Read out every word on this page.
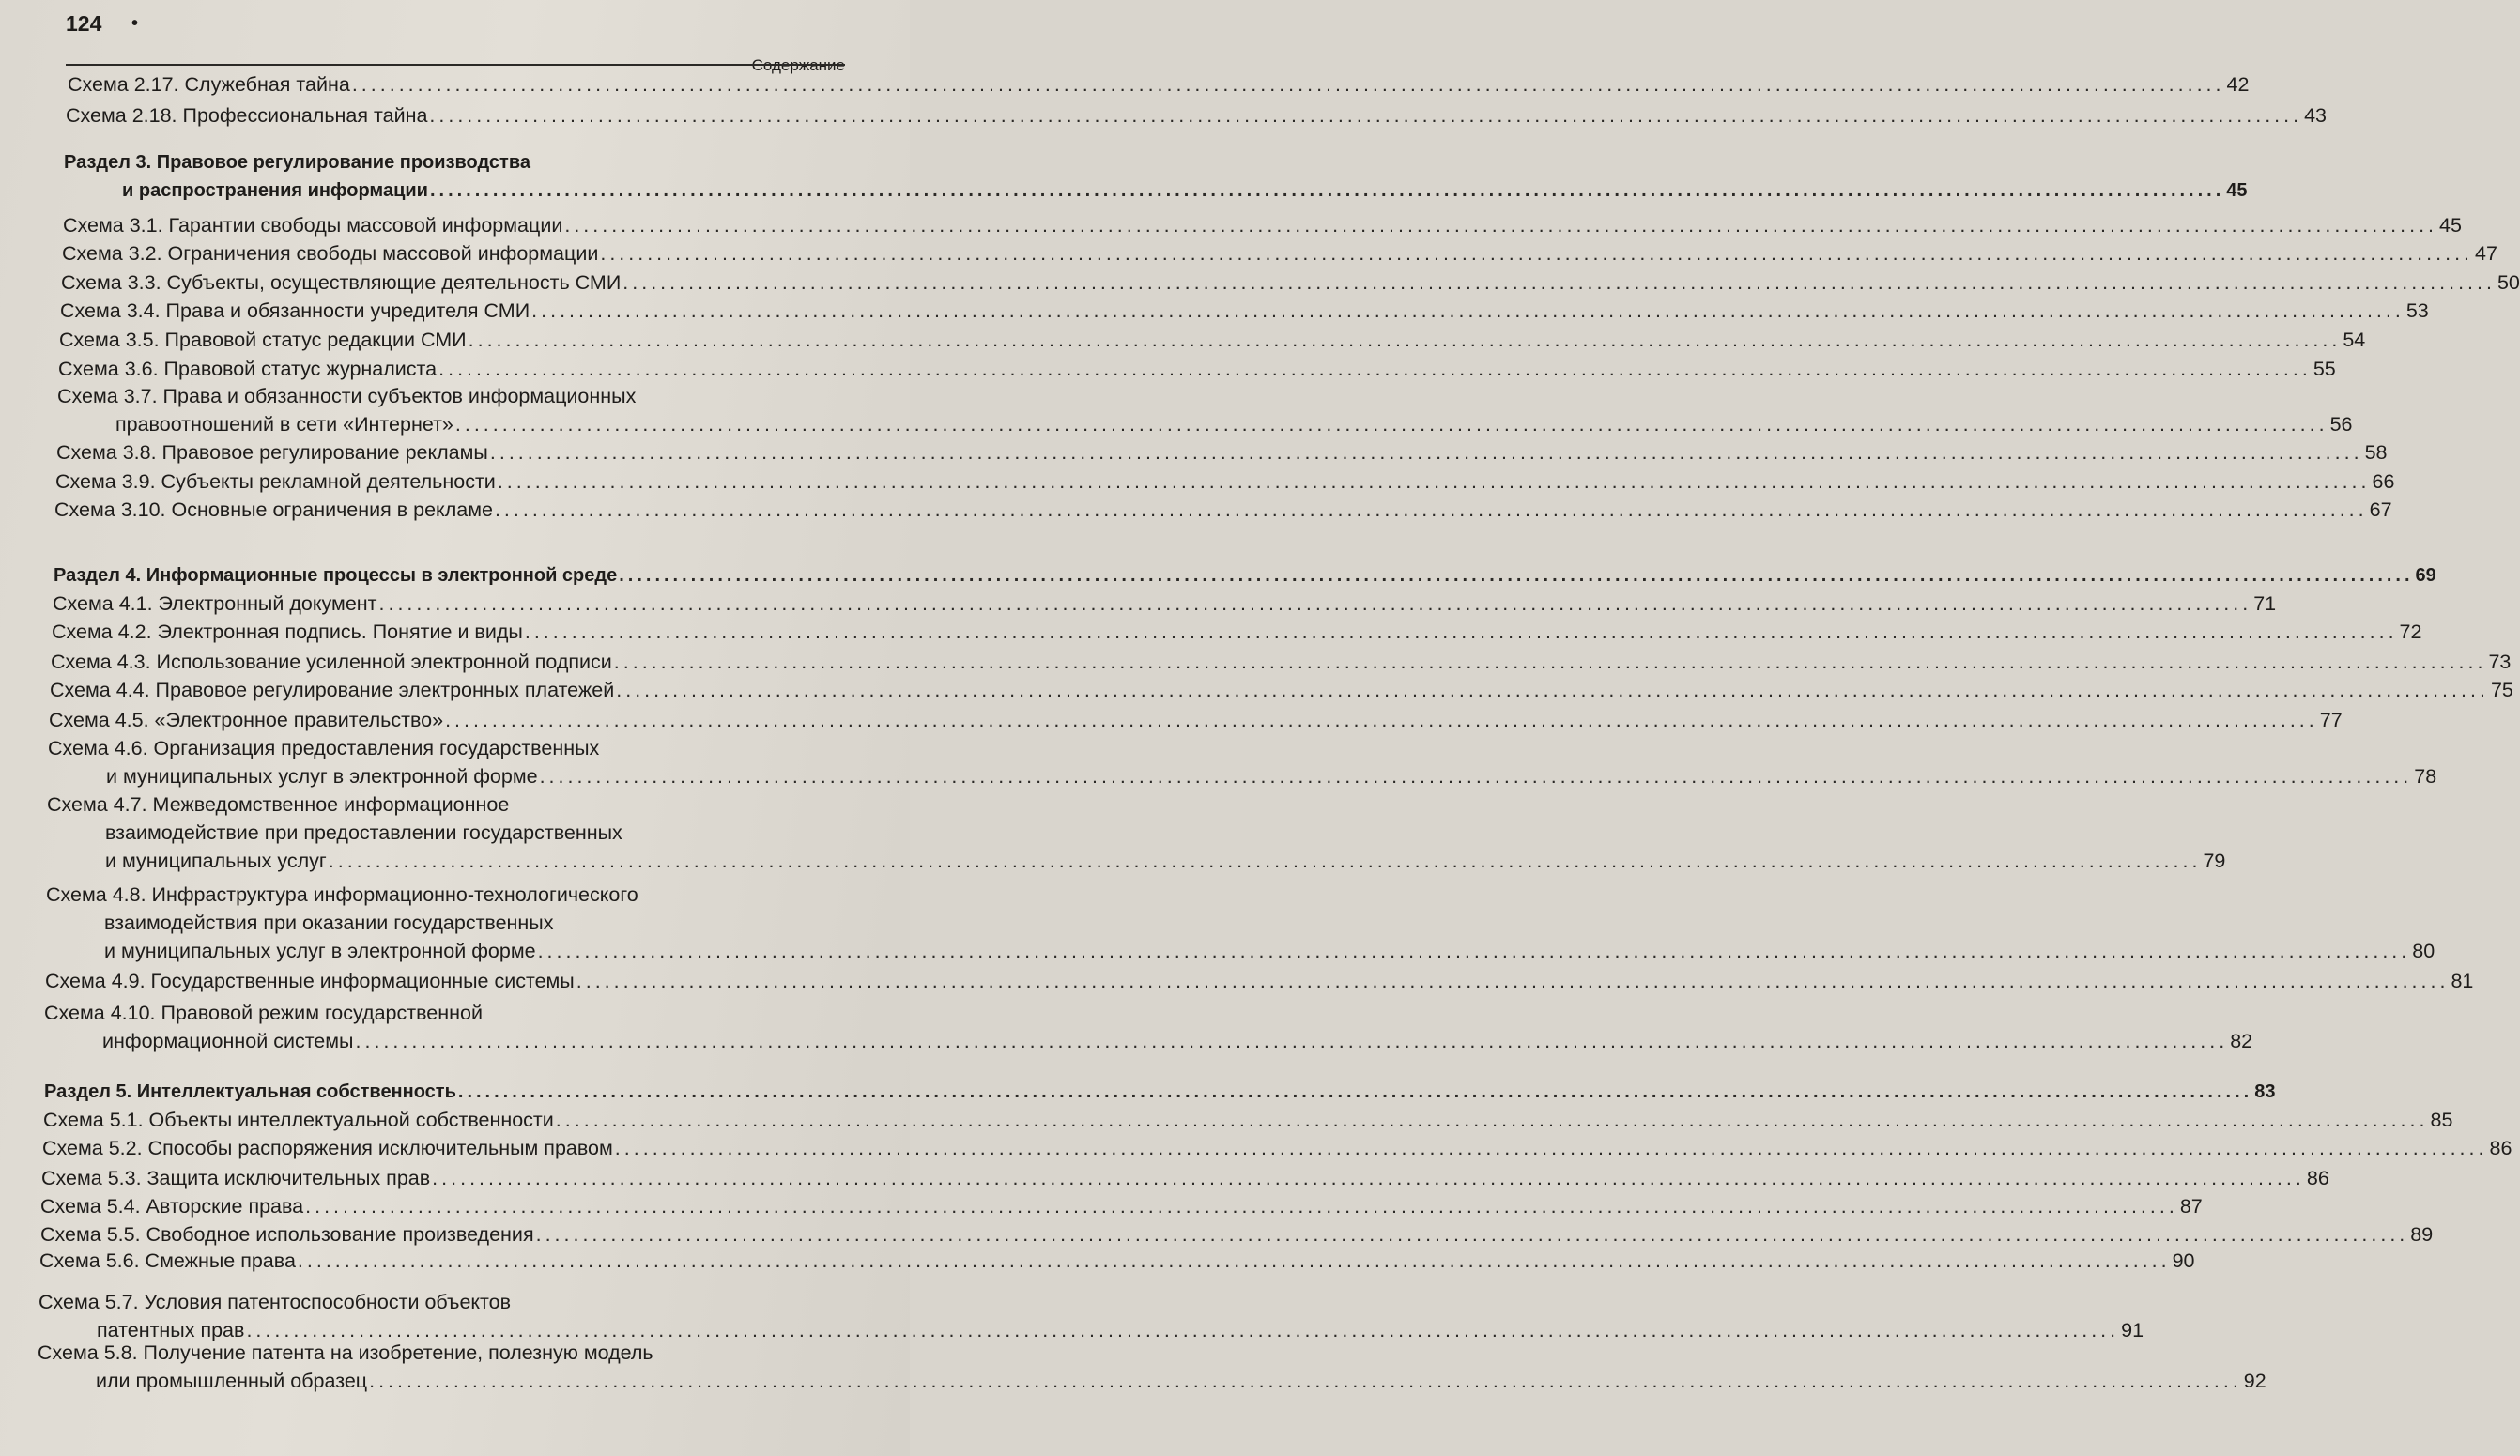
124 •
Содержание
Схема 2.17. Служебная тайна ........................................................................................................................................................................................................ 42
Схема 2.18. Профессиональная тайна ........................................................................................................................................................................................................ 43
Раздел 3. Правовое регулирование производства
и распространения информации ........................................................................................................................................................................................................ 45
Схема 3.1. Гарантии свободы массовой информации ........................................................................................................................................................................................................ 45
Схема 3.2. Ограничения свободы массовой информации ........................................................................................................................................................................................................ 47
Схема 3.3. Субъекты, осуществляющие деятельность СМИ ........................................................................................................................................................................................................ 50
Схема 3.4. Права и обязанности учредителя СМИ ........................................................................................................................................................................................................ 53
Схема 3.5. Правовой статус редакции СМИ ........................................................................................................................................................................................................ 54
Схема 3.6. Правовой статус журналиста ........................................................................................................................................................................................................ 55
Схема 3.7. Права и обязанности субъектов информационных
правоотношений в сети «Интернет» ........................................................................................................................................................................................................ 56
Схема 3.8. Правовое регулирование рекламы ........................................................................................................................................................................................................ 58
Схема 3.9. Субъекты рекламной деятельности ........................................................................................................................................................................................................ 66
Схема 3.10. Основные ограничения в рекламе ........................................................................................................................................................................................................ 67
Раздел 4. Информационные процессы в электронной среде ........................................................................................................................................................................................................ 69
Схема 4.1. Электронный документ ........................................................................................................................................................................................................ 71
Схема 4.2. Электронная подпись. Понятие и виды ........................................................................................................................................................................................................ 72
Схема 4.3. Использование усиленной электронной подписи ........................................................................................................................................................................................................ 73
Схема 4.4. Правовое регулирование электронных платежей ........................................................................................................................................................................................................ 75
Схема 4.5. «Электронное правительство» ........................................................................................................................................................................................................ 77
Схема 4.6. Организация предоставления государственных
и муниципальных услуг в электронной форме ........................................................................................................................................................................................................ 78
Схема 4.7. Межведомственное информационное
взаимодействие при предоставлении государственных
и муниципальных услуг ........................................................................................................................................................................................................ 79
Схема 4.8. Инфраструктура информационно-технологического
взаимодействия при оказании государственных
и муниципальных услуг в электронной форме ........................................................................................................................................................................................................ 80
Схема 4.9. Государственные информационные системы ........................................................................................................................................................................................................ 81
Схема 4.10. Правовой режим государственной
информационной системы ........................................................................................................................................................................................................ 82
Раздел 5. Интеллектуальная собственность ........................................................................................................................................................................................................ 83
Схема 5.1. Объекты интеллектуальной собственности ........................................................................................................................................................................................................ 85
Схема 5.2. Способы распоряжения исключительным правом ........................................................................................................................................................................................................ 86
Схема 5.3. Защита исключительных прав ........................................................................................................................................................................................................ 86
Схема 5.4. Авторские права ........................................................................................................................................................................................................ 87
Схема 5.5. Свободное использование произведения ........................................................................................................................................................................................................ 89
Схема 5.6. Смежные права ........................................................................................................................................................................................................ 90
Схема 5.7. Условия патентоспособности объектов
патентных прав ........................................................................................................................................................................................................ 91
Схема 5.8. Получение патента на изобретение, полезную модель
или промышленный образец ........................................................................................................................................................................................................ 92
